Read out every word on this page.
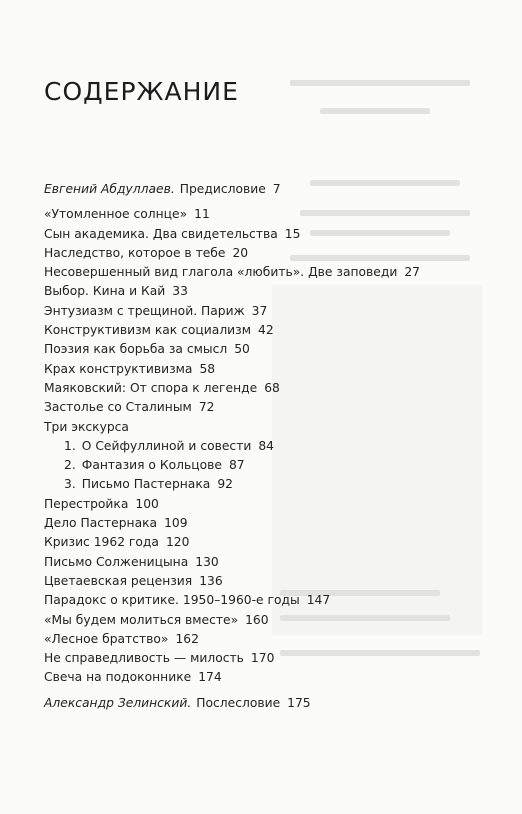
СОДЕРЖАНИЕ
Евгений Абдуллаев. Предисловие 7
«Утомленное солнце» 11
Сын академика. Два свидетельства 15
Наследство, которое в тебе 20
Несовершенный вид глагола «любить». Две заповеди 27
Выбор. Кина и Кай 33
Энтузиазм с трещиной. Париж 37
Конструктивизм как социализм 42
Поэзия как борьба за смысл 50
Крах конструктивизма 58
Маяковский: От спора к легенде 68
Застолье со Сталиным 72
Три экскурса
1. О Сейфуллиной и совести 84
2. Фантазия о Кольцове 87
3. Письмо Пастернака 92
Перестройка 100
Дело Пастернака 109
Кризис 1962 года 120
Письмо Солженицына 130
Цветаевская рецензия 136
Парадокс о критике. 1950–1960-е годы 147
«Мы будем молиться вместе» 160
«Лесное братство» 162
Не справедливость — милость 170
Свеча на подоконнике 174
Александр Зелинский. Послесловие 175
